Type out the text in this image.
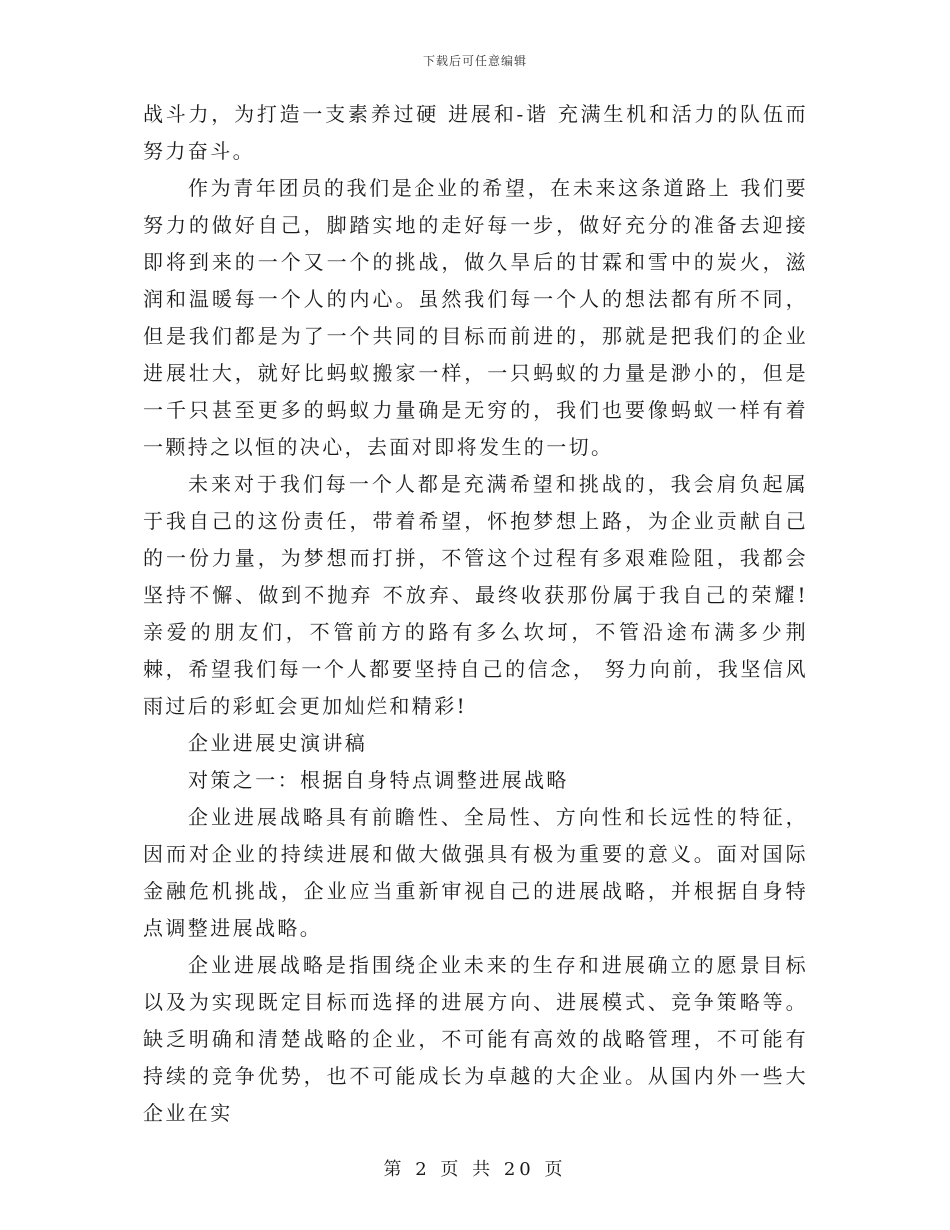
下载后可任意编辑

战斗力，为打造一支素养过硬 进展和-谐 充满生机和活力的队伍而努力奋斗。

作为青年团员的我们是企业的希望，在未来这条道路上 我们要努力的做好自己，脚踏实地的走好每一步，做好充分的准备去迎接即将到来的一个又一个的挑战，做久旱后的甘霖和雪中的炭火，滋润和温暖每一个人的内心。虽然我们每一个人的想法都有所不同，但是我们都是为了一个共同的目标而前进的，那就是把我们的企业进展壮大，就好比蚂蚁搬家一样，一只蚂蚁的力量是渺小的，但是一千只甚至更多的蚂蚁力量确是无穷的，我们也要像蚂蚁一样有着一颗持之以恒的决心，去面对即将发生的一切。

未来对于我们每一个人都是充满希望和挑战的，我会肩负起属于我自己的这份责任，带着希望，怀抱梦想上路，为企业贡献自己的一份力量，为梦想而打拼，不管这个过程有多艰难险阻，我都会坚持不懈、做到不抛弃 不放弃、最终收获那份属于我自己的荣耀!亲爱的朋友们，不管前方的路有多么坎坷，不管沿途布满多少荆棘，希望我们每一个人都要坚持自己的信念， 努力向前，我坚信风雨过后的彩虹会更加灿烂和精彩!

企业进展史演讲稿

对策之一：根据自身特点调整进展战略

企业进展战略具有前瞻性、全局性、方向性和长远性的特征，因而对企业的持续进展和做大做强具有极为重要的意义。面对国际金融危机挑战，企业应当重新审视自己的进展战略，并根据自身特点调整进展战略。

企业进展战略是指围绕企业未来的生存和进展确立的愿景目标以及为实现既定目标而选择的进展方向、进展模式、竞争策略等。缺乏明确和清楚战略的企业，不可能有高效的战略管理，不可能有持续的竞争优势，也不可能成长为卓越的大企业。从国内外一些大企业在实

第 2 页 共 20 页
